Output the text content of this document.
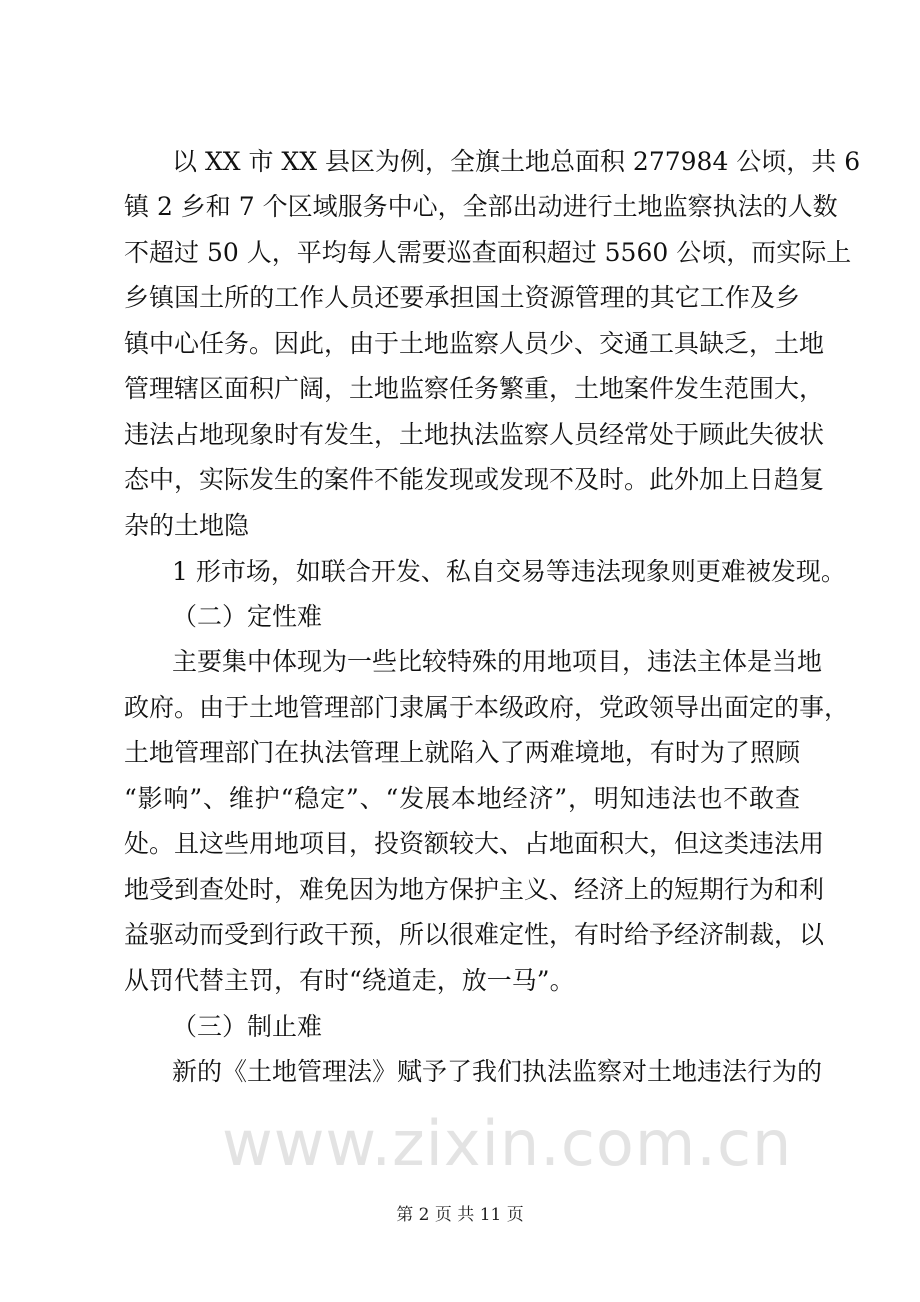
www.zixin.com.cn
以 XX 市 XX 县区为例，全旗土地总面积 277984 公顷，共 6
镇 2 乡和 7 个区域服务中心，全部出动进行土地监察执法的人数
不超过 50 人，平均每人需要巡查面积超过 5560 公顷，而实际上
乡镇国土所的工作人员还要承担国土资源管理的其它工作及乡
镇中心任务。因此，由于土地监察人员少、交通工具缺乏，土地
管理辖区面积广阔，土地监察任务繁重，土地案件发生范围大，
违法占地现象时有发生，土地执法监察人员经常处于顾此失彼状
态中，实际发生的案件不能发现或发现不及时。此外加上日趋复
杂的土地隐
1 形市场，如联合开发、私自交易等违法现象则更难被发现。
（二）定性难
主要集中体现为一些比较特殊的用地项目，违法主体是当地
政府。由于土地管理部门隶属于本级政府，党政领导出面定的事，
土地管理部门在执法管理上就陷入了两难境地，有时为了照顾
“影响”、维护“稳定”、“发展本地经济”，明知违法也不敢查
处。且这些用地项目，投资额较大、占地面积大，但这类违法用
地受到查处时，难免因为地方保护主义、经济上的短期行为和利
益驱动而受到行政干预，所以很难定性，有时给予经济制裁，以
从罚代替主罚，有时“绕道走，放一马”。
（三）制止难
新的《土地管理法》赋予了我们执法监察对土地违法行为的
第 2 页 共 11 页
